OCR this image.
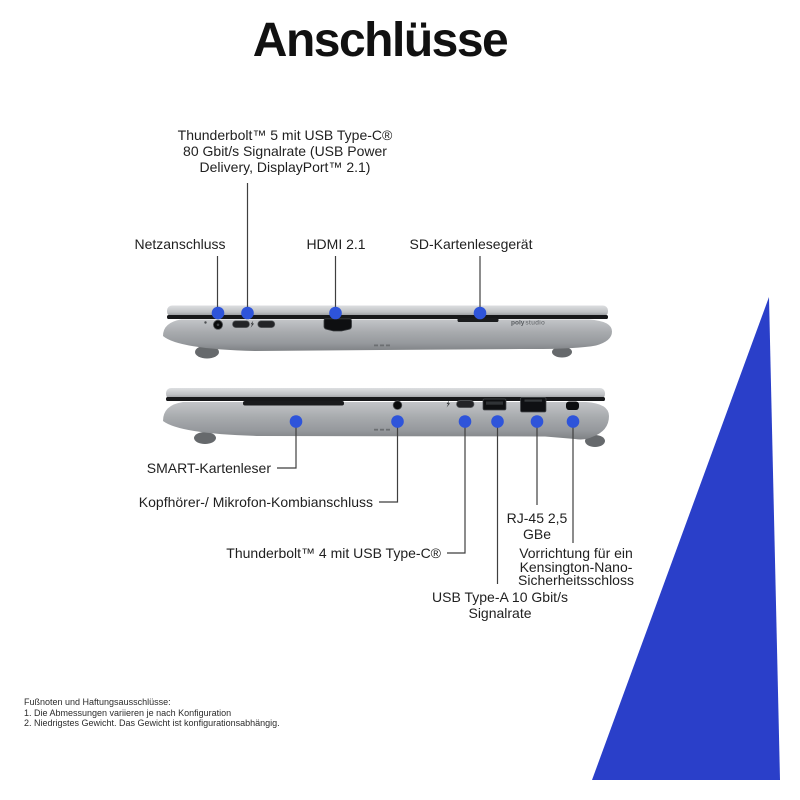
polystudio
Anschlüsse
Thunderbolt™ 5 mit USB Type-C®
80 Gbit/s Signalrate (USB Power
Delivery, DisplayPort™ 2.1)
Netzanschluss	HDMI 2.1	SD-Kartenlesegerät
SMART-Kartenleser
Kopfhörer-/ Mikrofon-Kombianschluss
Thunderbolt™ 4 mit USB Type-C®
USB Type-A 10 Gbit/s
Signalrate
RJ-45 2,5
GBe
Vorrichtung für ein
Kensington-Nano-
Sicherheitsschloss
Fußnoten und Haftungsausschlüsse:
1. Die Abmessungen variieren je nach Konfiguration
2. Niedrigstes Gewicht. Das Gewicht ist konfigurationsabhängig.
